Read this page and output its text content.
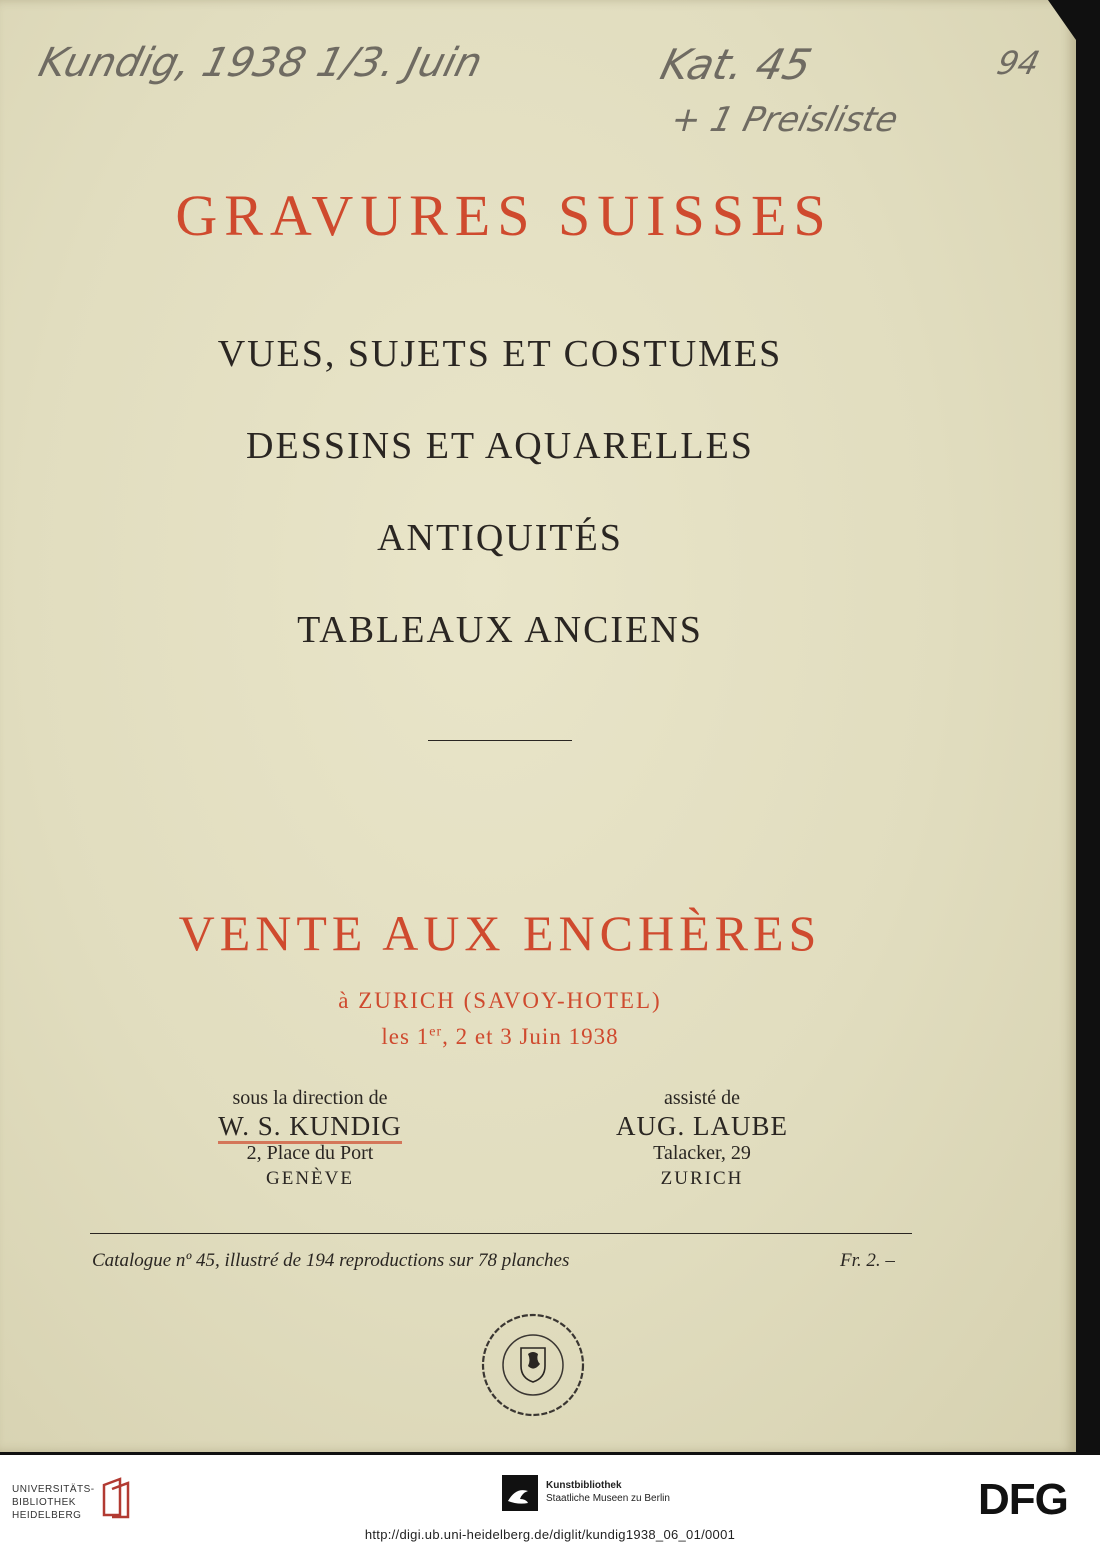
Kundig, 1938 1/3. Juin	Kat. 45	94
+ 1 Preisliste
GRAVURES SUISSES
VUES, SUJETS ET COSTUMES
DESSINS ET AQUARELLES
ANTIQUITÉS
TABLEAUX ANCIENS
VENTE AUX ENCHÈRES
à ZURICH (SAVOY-HOTEL)
les 1er, 2 et 3 Juin 1938
sous la direction de
W. S. KUNDIG
2, Place du Port
GENÈVE
assisté de
AUG. LAUBE
Talacker, 29
ZURICH
Catalogue nº 45, illustré de 194 reproductions sur 78 planches	Fr. 2. –
UNIVERSITÄTS-
BIBLIOTHEK
HEIDELBERG
Kunstbibliothek
Staatliche Museen zu Berlin	DFG
http://digi.ub.uni-heidelberg.de/diglit/kundig1938_06_01/0001
